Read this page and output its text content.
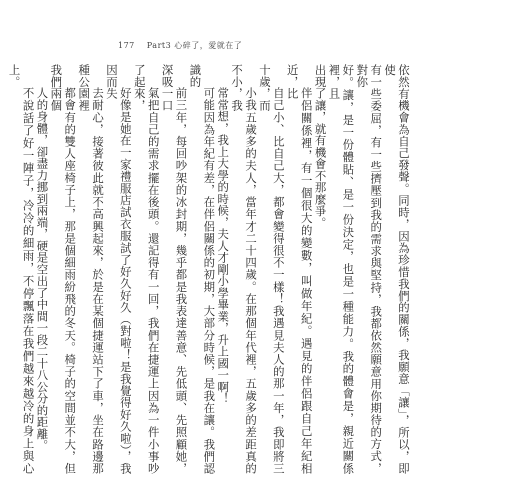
177 Part3 心碎了，愛就在了

依然有機會為自己發聲。同時，因為珍惜我們的關係，我願意「讓」，所以，即使
有一些委屈，有一些擠壓到我的需求與堅持，我都依然願意用你期待的方式，對你
好。讓，是一份體貼、是一份決定，也是一種能力。我的體會是，親近關係裡，且
出現了讓，就有機會不那麼爭。

伴侶關係裡，有一個很大的變數，叫做年紀。遇見的伴侶跟自己年紀相近，比
自己小、比自己大，都會變得很不一樣！我遇見夫人的那一年，我即將三十歲，而
小我五歲多的夫人，當年才二十四歲。在那個年代裡，五歲多的差距真的不小，我
常常想，我上大學的時候，夫人才剛小學畢業，升上國一啊！

可能因為年紀有差，在伴侶關係的初期，大部分時候，是我在讓。我們認識的
前三年，每回吵架的冰封期，幾乎都是我表達善意、先低頭、先照顧她，深吸一口
氣把自己的需求擺在後頭。還記得有一回，我們在捷運上因為一件小事吵了起來，
好像是她在一家禮服店試衣服試了好久好久（對啦！是我覺得好久啦），我因而失
去耐心，接著彼此就不高興起來，於是在某個捷運站下了車，坐在路邊那種公園裡
都會有的雙人座椅子上，那是個細雨紛飛的冬天。椅子的空間並不大，但我們兩個
人的身體，卻盡力挪到兩端，硬是空出了中間一段二十八公分的距離。

不說話了好一陣子，冷冷的細雨，不停飄落在我們越來越冷的身上與心上。
